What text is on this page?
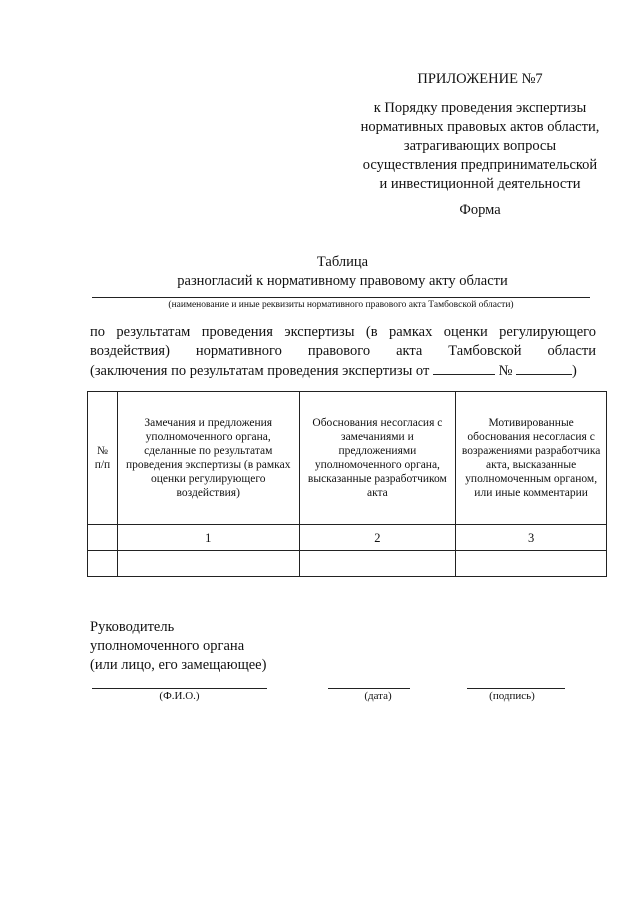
ПРИЛОЖЕНИЕ №7
к Порядку проведения экспертизы
нормативных правовых актов области,
затрагивающих вопросы
осуществления предпринимательской
и инвестиционной деятельности
Форма
Таблица
разногласий к нормативному правовому акту области
(наименование и иные реквизиты нормативного правового акта Тамбовской области)
по результатам проведения экспертизы (в рамках оценки регулирующего
воздействия) нормативного правового акта Тамбовской области
(заключения по результатам проведения экспертизы от	№	)
№ п/п	Замечания и предложения уполномоченного органа, сделанные по результатам проведения экспертизы (в рамках оценки регулирующего воздействия)	Обоснования несогласия с замечаниями и предложениями уполномоченного органа, высказанные разработчиком акта	Мотивированные обоснования несогласия с возражениями разработчика акта, высказанные уполномоченным органом, или иные комментарии
	1	2	3

Руководитель
уполномоченного органа
(или лицо, его замещающее)
(Ф.И.О.)	(дата)	(подпись)
